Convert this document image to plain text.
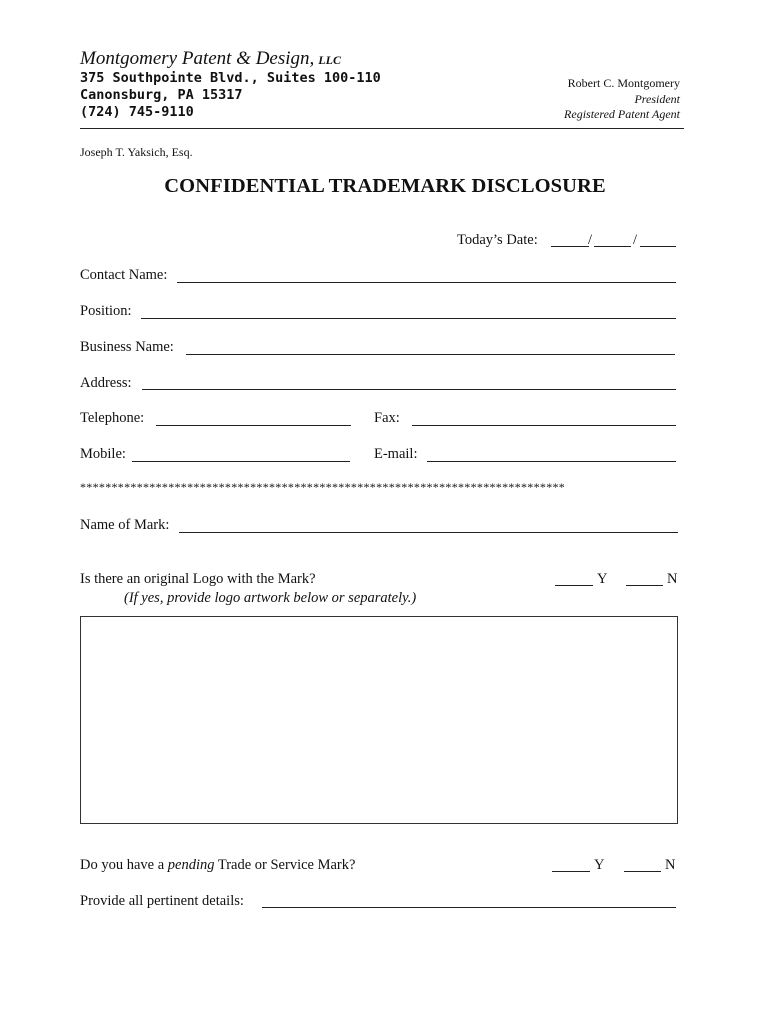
Montgomery Patent & Design, LLC
375 Southpointe Blvd., Suites 100-110
Canonsburg, PA 15317
(724) 745-9110
Robert C. Montgomery
President
Registered Patent Agent
Joseph T. Yaksich, Esq.
CONFIDENTIAL TRADEMARK DISCLOSURE
Today’s Date:	/	/
Contact Name:
Position:
Business Name:
Address:
Telephone:	Fax:
Mobile:	E-mail:
*****************************************************************************
Name of Mark:
Is there an original Logo with the Mark?	Y	N
(If yes, provide logo artwork below or separately.)
Do you have a pending Trade or Service Mark?	Y	N
Provide all pertinent details:
